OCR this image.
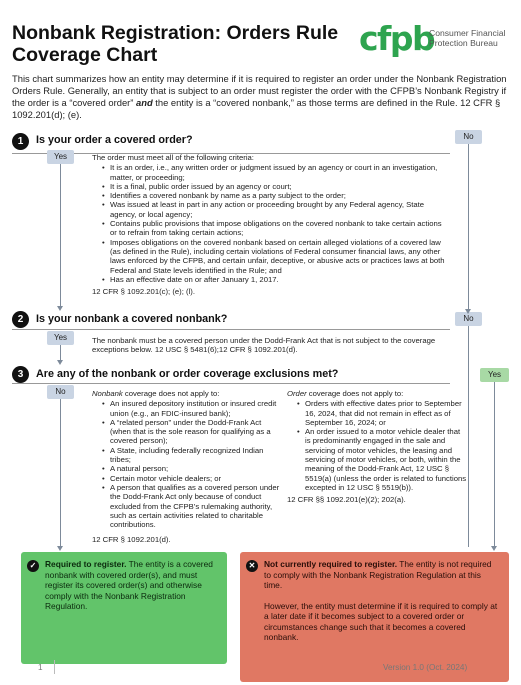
Nonbank Registration: Orders Rule
Coverage Chart	cfpb
Consumer Financial
Protection Bureau

This chart summarizes how an entity may determine if it is required to register an order under the Nonbank Registration Orders Rule. Generally, an entity that is subject to an order must register the order with the CFPB’s Nonbank Registry if the order is a “covered order” and the entity is a “covered nonbank,” as those terms are defined in the Rule. 12 CFR § 1092.201(d); (e).

1	Is your order a covered order?	No
Yes	The order must meet all of the following criteria:
• It is an order, i.e., any written order or judgment issued by an agency or court in an investigation, matter, or proceeding;
• It is a final, public order issued by an agency or court;
• Identifies a covered nonbank by name as a party subject to the order;
• Was issued at least in part in any action or proceeding brought by any Federal agency, State agency, or local agency;
• Contains public provisions that impose obligations on the covered nonbank to take certain actions or to refrain from taking certain actions;
• Imposes obligations on the covered nonbank based on certain alleged violations of a covered law (as defined in the Rule), including certain violations of Federal consumer financial laws, any other laws enforced by the CFPB, and certain unfair, deceptive, or abusive acts or practices laws at both Federal and State levels identified in the Rule; and
• Has an effective date on or after January 1, 2017.
12 CFR § 1092.201(c); (e); (l).
2	Is your nonbank a covered nonbank?	No
Yes	The nonbank must be a covered person under the Dodd-Frank Act that is not subject to the coverage exceptions below. 12 USC § 5481(6);12 CFR § 1092.201(d).
3	Are any of the nonbank or order coverage exclusions met?	Yes
No	Nonbank coverage does not apply to:
• An insured depository institution or insured credit union (e.g., an FDIC-insured bank);
• A “related person” under the Dodd-Frank Act (when that is the sole reason for qualifying as a covered person);
• A State, including federally recognized Indian tribes;
• A natural person;
• Certain motor vehicle dealers; or
• A person that qualifies as a covered person under the Dodd-Frank Act only because of conduct excluded from the CFPB’s rulemaking authority, such as certain activities related to charitable contributions.
12 CFR § 1092.201(d).
Order coverage does not apply to:
• Orders with effective dates prior to September 16, 2024, that did not remain in effect as of September 16, 2024; or
• An order issued to a motor vehicle dealer that is predominantly engaged in the sale and servicing of motor vehicles, the leasing and servicing of motor vehicles, or both, within the meaning of the Dodd-Frank Act, 12 USC § 5519(a) (unless the order is related to functions excepted in 12 USC § 5519(b)).
12 CFR §§ 1092.201(e)(2); 202(a).
✓	Required to register. The entity is a covered nonbank with covered order(s), and must register its covered order(s) and otherwise comply with the Nonbank Registration Regulation.

✕	Not currently required to register. The entity is not required to comply with the Nonbank Registration Regulation at this time.

However, the entity must determine if it is required to comply at a later date if it becomes subject to a covered order or circumstances change such that it becomes a covered nonbank.

1	Version 1.0 (Oct. 2024)
